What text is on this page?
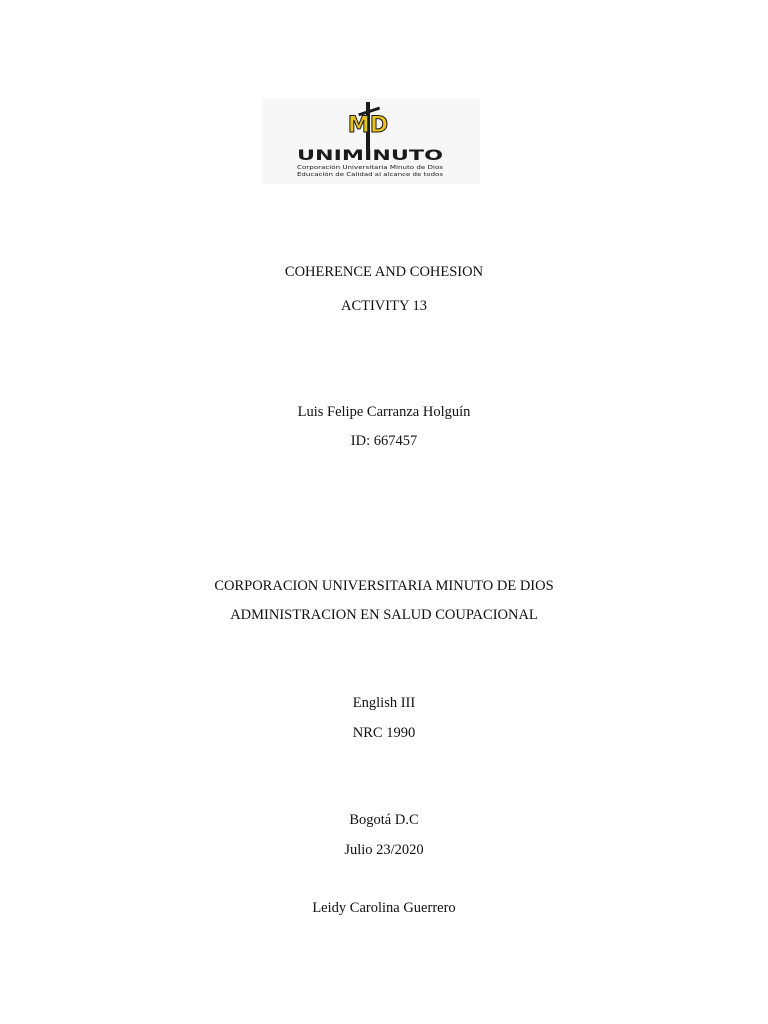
MD
UNIMINUTO
Corporación Universitaria Minuto de Dios
Educación de Calidad al alcance de todos
COHERENCE AND COHESION
ACTIVITY 13
Luis Felipe Carranza Holguín
ID: 667457
CORPORACION UNIVERSITARIA MINUTO DE DIOS
ADMINISTRACION EN SALUD COUPACIONAL
English III
NRC 1990
Bogotá D.C
Julio 23/2020
Leidy Carolina Guerrero
